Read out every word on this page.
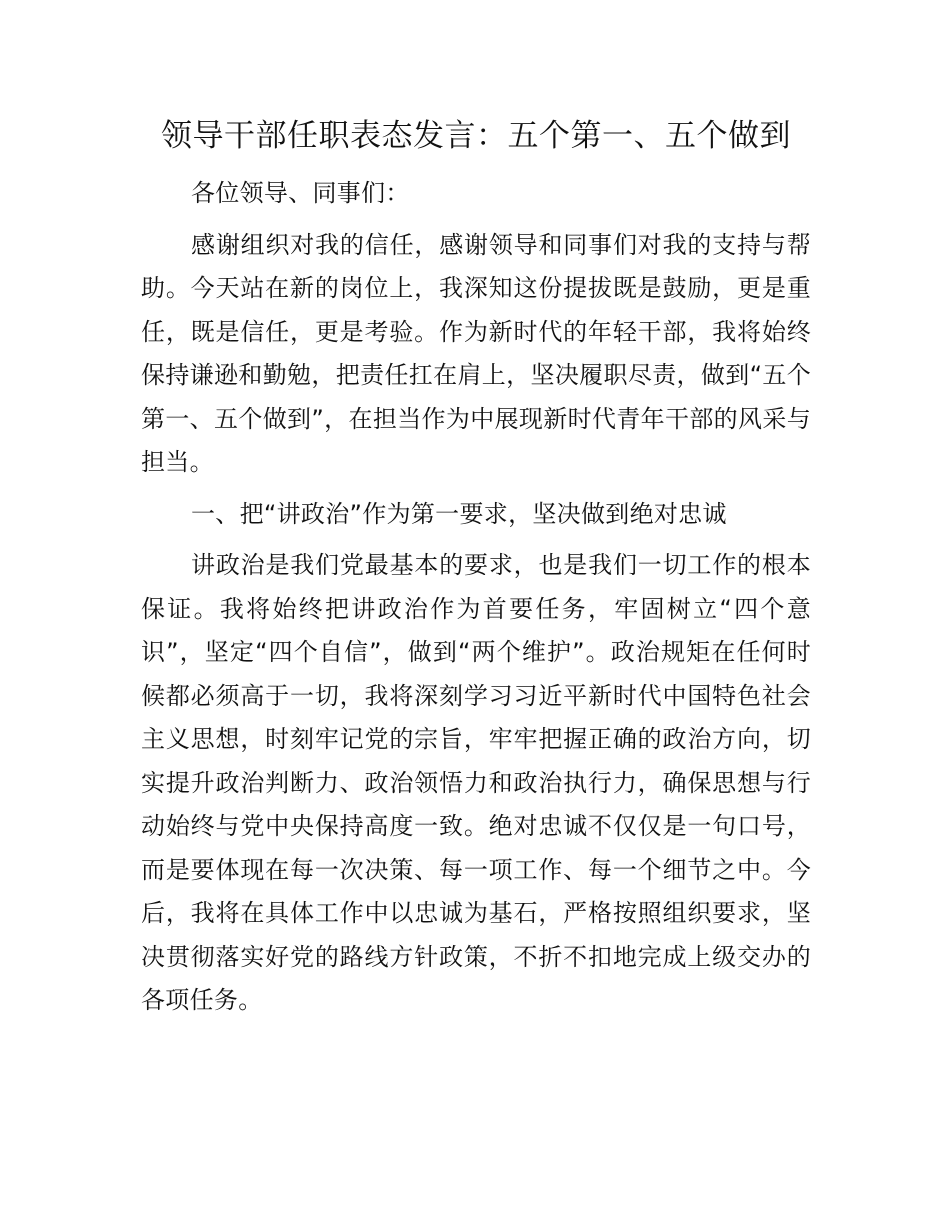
领导干部任职表态发言：五个第一、五个做到

各位领导、同事们：

感谢组织对我的信任，感谢领导和同事们对我的支持与帮助。今天站在新的岗位上，我深知这份提拔既是鼓励，更是重任，既是信任，更是考验。作为新时代的年轻干部，我将始终保持谦逊和勤勉，把责任扛在肩上，坚决履职尽责，做到“五个第一、五个做到”，在担当作为中展现新时代青年干部的风采与担当。

一、把“讲政治”作为第一要求，坚决做到绝对忠诚

讲政治是我们党最基本的要求，也是我们一切工作的根本保证。我将始终把讲政治作为首要任务，牢固树立“四个意识”，坚定“四个自信”，做到“两个维护”。政治规矩在任何时候都必须高于一切，我将深刻学习习近平新时代中国特色社会主义思想，时刻牢记党的宗旨，牢牢把握正确的政治方向，切实提升政治判断力、政治领悟力和政治执行力，确保思想与行动始终与党中央保持高度一致。绝对忠诚不仅仅是一句口号，而是要体现在每一次决策、每一项工作、每一个细节之中。今后，我将在具体工作中以忠诚为基石，严格按照组织要求，坚决贯彻落实好党的路线方针政策，不折不扣地完成上级交办的各项任务。
